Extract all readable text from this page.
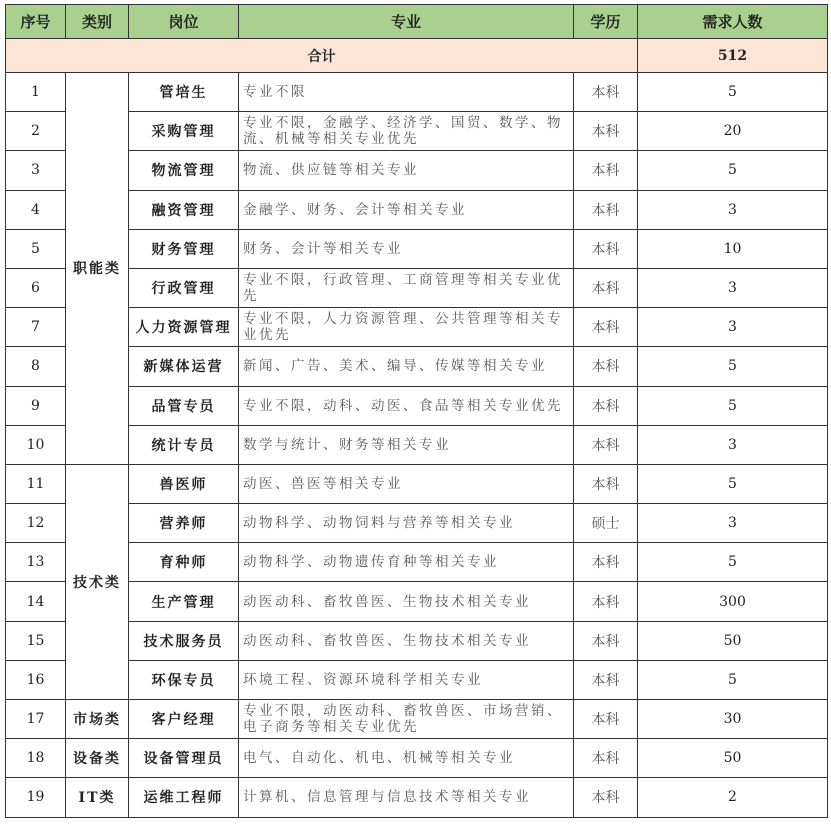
序号	类别	岗位	专业	学历	需求人数
合计					512
1	职能类	管培生	专业不限	本科	5
2		采购管理	专业不限，金融学、经济学、国贸、数学、物流、机械等相关专业优先	本科	20
3		物流管理	物流、供应链等相关专业	本科	5
4		融资管理	金融学、财务、会计等相关专业	本科	3
5		财务管理	财务、会计等相关专业	本科	10
6		行政管理	专业不限，行政管理、工商管理等相关专业优先	本科	3
7		人力资源管理	专业不限，人力资源管理、公共管理等相关专业优先	本科	3
8		新媒体运营	新闻、广告、美术、编导、传媒等相关专业	本科	5
9		品管专员	专业不限，动科、动医、食品等相关专业优先	本科	5
10		统计专员	数学与统计、财务等相关专业	本科	3
11	技术类	兽医师	动医、兽医等相关专业	本科	5
12		营养师	动物科学、动物饲料与营养等相关专业	硕士	3
13		育种师	动物科学、动物遗传育种等相关专业	本科	5
14		生产管理	动医动科、畜牧兽医、生物技术相关专业	本科	300
15		技术服务员	动医动科、畜牧兽医、生物技术相关专业	本科	50
16		环保专员	环境工程、资源环境科学相关专业	本科	5
17	市场类	客户经理	专业不限，动医动科、畜牧兽医、市场营销、电子商务等相关专业优先	本科	30
18	设备类	设备管理员	电气、自动化、机电、机械等相关专业	本科	50
19	IT类	运维工程师	计算机、信息管理与信息技术等相关专业	本科	2
